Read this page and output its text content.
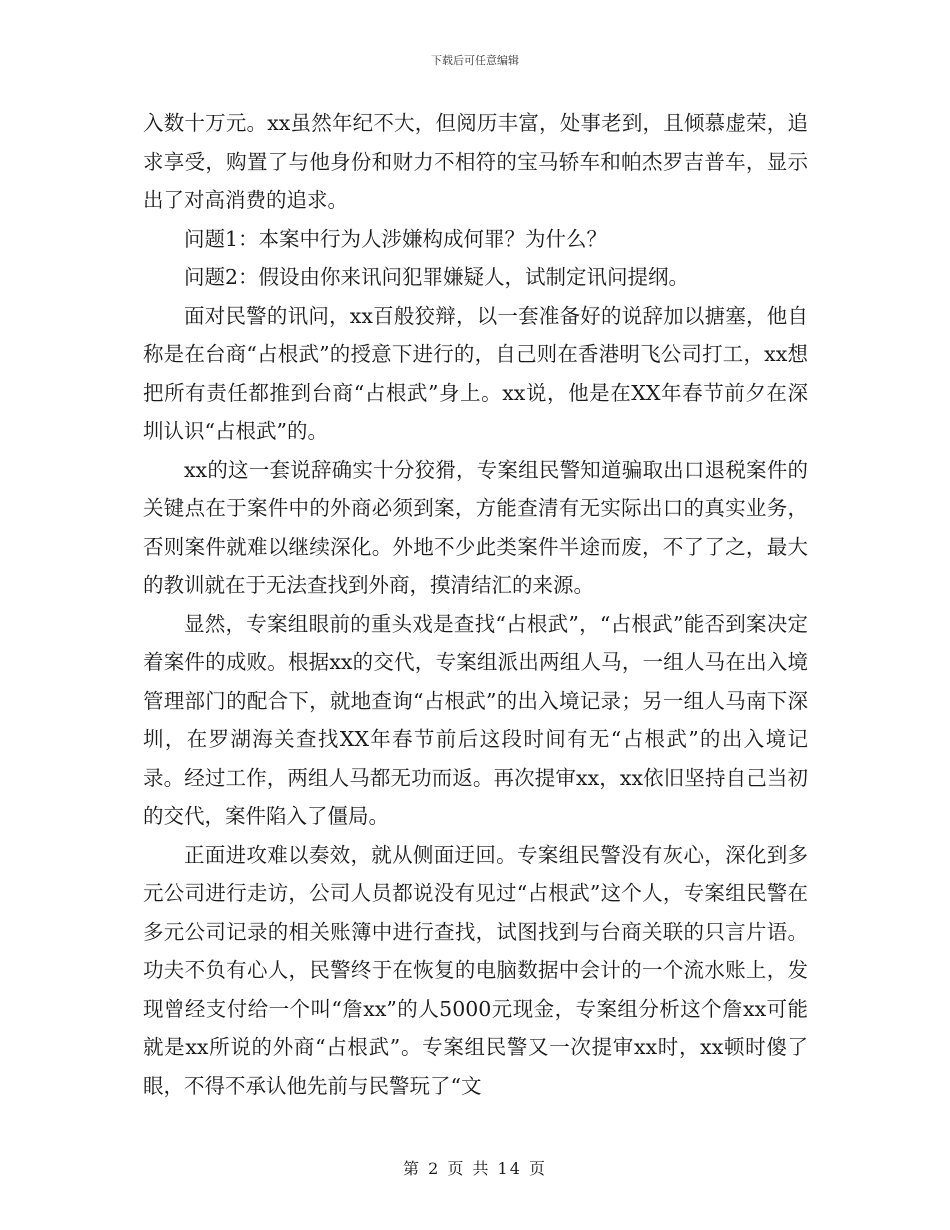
下载后可任意编辑

入数十万元。xx虽然年纪不大，但阅历丰富，处事老到，且倾慕虚荣，追求享受，购置了与他身份和财力不相符的宝马轿车和帕杰罗吉普车，显示出了对高消费的追求。

问题1：本案中行为人涉嫌构成何罪？为什么？

问题2：假设由你来讯问犯罪嫌疑人，试制定讯问提纲。

面对民警的讯问，xx百般狡辩，以一套准备好的说辞加以搪塞，他自称是在台商“占根武”的授意下进行的，自己则在香港明飞公司打工，xx想把所有责任都推到台商“占根武”身上。xx说，他是在XX年春节前夕在深圳认识“占根武”的。

xx的这一套说辞确实十分狡猾，专案组民警知道骗取出口退税案件的关键点在于案件中的外商必须到案，方能查清有无实际出口的真实业务，否则案件就难以继续深化。外地不少此类案件半途而废，不了了之，最大的教训就在于无法查找到外商，摸清结汇的来源。

显然，专案组眼前的重头戏是查找“占根武”，“占根武”能否到案决定着案件的成败。根据xx的交代，专案组派出两组人马，一组人马在出入境管理部门的配合下，就地查询“占根武”的出入境记录；另一组人马南下深圳，在罗湖海关查找XX年春节前后这段时间有无“占根武”的出入境记录。经过工作，两组人马都无功而返。再次提审xx，xx依旧坚持自己当初的交代，案件陷入了僵局。

正面进攻难以奏效，就从侧面迂回。专案组民警没有灰心，深化到多元公司进行走访，公司人员都说没有见过“占根武”这个人，专案组民警在多元公司记录的相关账簿中进行查找，试图找到与台商关联的只言片语。功夫不负有心人，民警终于在恢复的电脑数据中会计的一个流水账上，发现曾经支付给一个叫“詹xx”的人5000元现金，专案组分析这个詹xx可能就是xx所说的外商“占根武”。专案组民警又一次提审xx时，xx顿时傻了眼，不得不承认他先前与民警玩了“文

第 2 页 共 14 页
